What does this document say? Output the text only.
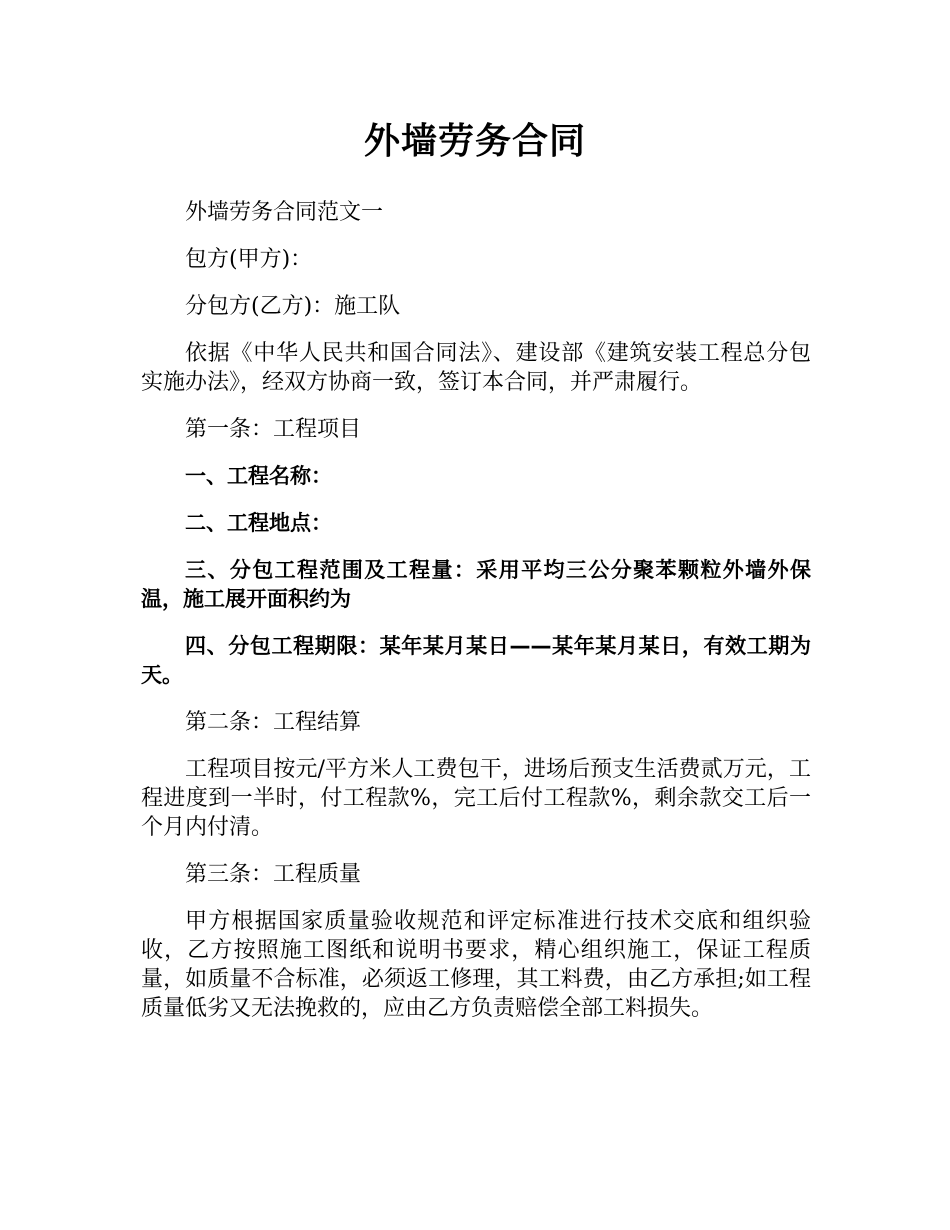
外墙劳务合同

外墙劳务合同范文一

包方(甲方)：

分包方(乙方)：施工队

依据《中华人民共和国合同法》、建设部《建筑安装工程总分包实施办法》，经双方协商一致，签订本合同，并严肃履行。

第一条：工程项目

一、工程名称：

二、工程地点：

三、分包工程范围及工程量：采用平均三公分聚苯颗粒外墙外保温，施工展开面积约为

四、分包工程期限：某年某月某日——某年某月某日，有效工期为天。

第二条：工程结算

工程项目按元/平方米人工费包干，进场后预支生活费贰万元，工程进度到一半时，付工程款%，完工后付工程款%，剩余款交工后一个月内付清。

第三条：工程质量

甲方根据国家质量验收规范和评定标准进行技术交底和组织验收，乙方按照施工图纸和说明书要求，精心组织施工，保证工程质量，如质量不合标准，必须返工修理，其工料费，由乙方承担;如工程质量低劣又无法挽救的，应由乙方负责赔偿全部工料损失。
